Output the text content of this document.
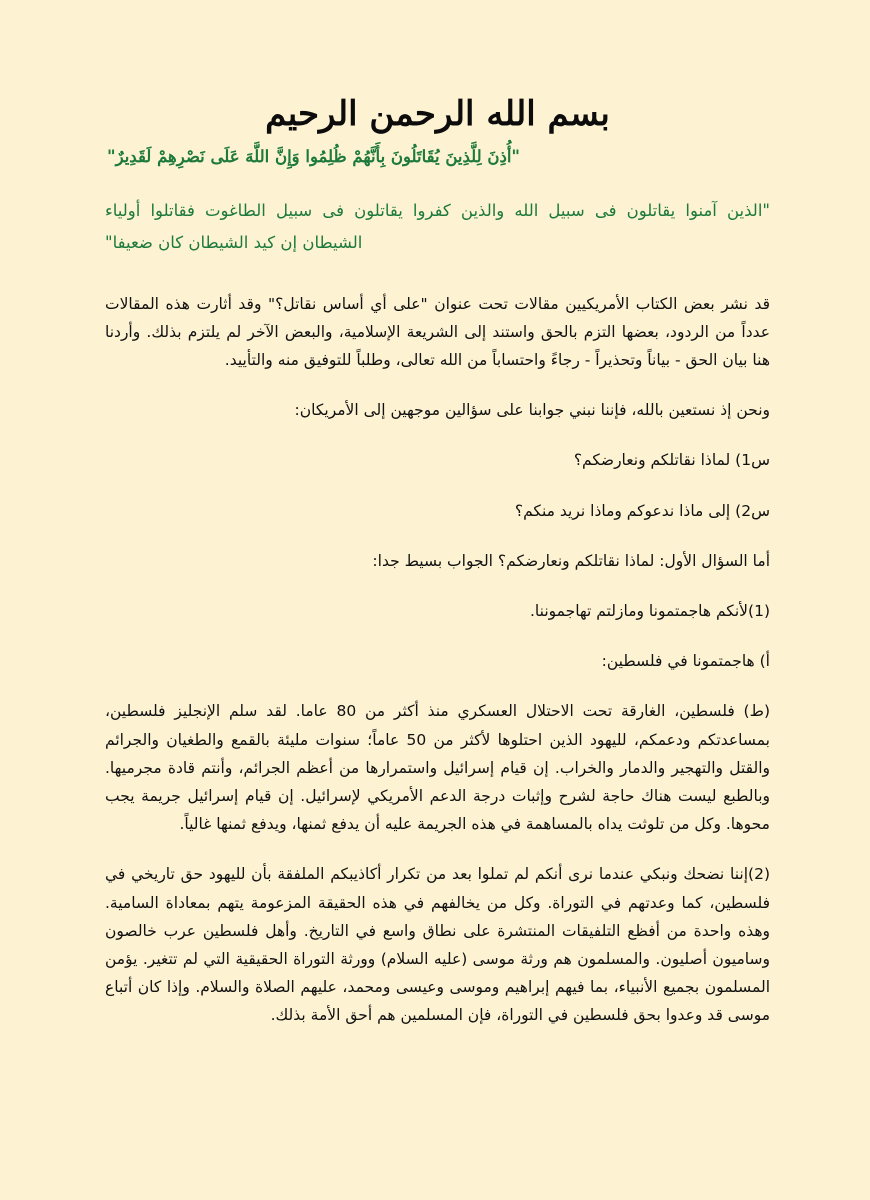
بسم الله الرحمن الرحيم

"أُذِنَ لِلَّذِينَ يُقَاتَلُونَ بِأَنَّهُمْ ظُلِمُوا وَإِنَّ اللَّهَ عَلَى نَصْرِهِمْ لَقَدِيرٌ"

"الذين آمنوا يقاتلون فى سبيل الله والذين كفروا يقاتلون فى سبيل الطاغوت فقاتلوا أولياء الشيطان إن كيد الشيطان كان ضعيفا"

قد نشر بعض الكتاب الأمريكيين مقالات تحت عنوان "على أي أساس نقاتل؟" وقد أثارت هذه المقالات عدداً من الردود، بعضها التزم بالحق واستند إلى الشريعة الإسلامية، والبعض الآخر لم يلتزم بذلك. وأردنا هنا بيان الحق - بياناً وتحذيراً - رجاءً واحتساباً من الله تعالى، وطلباً للتوفيق منه والتأييد.

ونحن إذ نستعين بالله، فإننا نبني جوابنا على سؤالين موجهين إلى الأمريكان:

س1) لماذا نقاتلكم ونعارضكم؟

س2) إلى ماذا ندعوكم وماذا نريد منكم؟

أما السؤال الأول: لماذا نقاتلكم ونعارضكم؟ الجواب بسيط جدا:

(1)لأنكم هاجمتمونا ومازلتم تهاجموننا.

أ) هاجمتمونا في فلسطين:

(ط) فلسطين، الغارقة تحت الاحتلال العسكري منذ أكثر من 80 عاما. لقد سلم الإنجليز فلسطين، بمساعدتكم ودعمكم، لليهود الذين احتلوها لأكثر من 50 عاماً؛ سنوات مليئة بالقمع والطغيان والجرائم والقتل والتهجير والدمار والخراب. إن قيام إسرائيل واستمرارها من أعظم الجرائم، وأنتم قادة مجرميها. وبالطبع ليست هناك حاجة لشرح وإثبات درجة الدعم الأمريكي لإسرائيل. إن قيام إسرائيل جريمة يجب محوها. وكل من تلوثت يداه بالمساهمة في هذه الجريمة عليه أن يدفع ثمنها، ويدفع ثمنها غالياً.

(2)إننا نضحك ونبكي عندما نرى أنكم لم تملوا بعد من تكرار أكاذيبكم الملفقة بأن لليهود حق تاريخي في فلسطين، كما وعدتهم في التوراة. وكل من يخالفهم في هذه الحقيقة المزعومة يتهم بمعاداة السامية. وهذه واحدة من أفظع التلفيقات المنتشرة على نطاق واسع في التاريخ. وأهل فلسطين عرب خالصون وساميون أصليون. والمسلمون هم ورثة موسى (عليه السلام) وورثة التوراة الحقيقية التي لم تتغير. يؤمن المسلمون بجميع الأنبياء، بما فيهم إبراهيم وموسى وعيسى ومحمد، عليهم الصلاة والسلام. وإذا كان أتباع موسى قد وعدوا بحق فلسطين في التوراة، فإن المسلمين هم أحق الأمة بذلك.
